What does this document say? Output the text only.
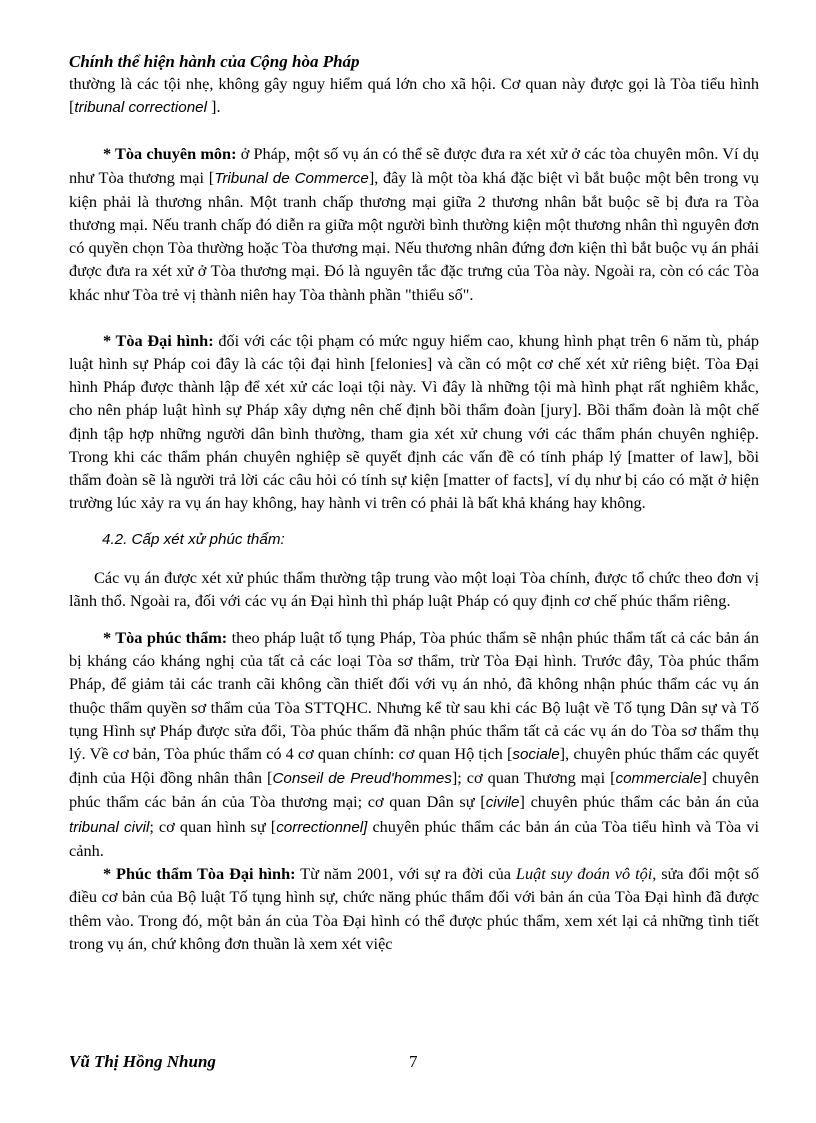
Chính thể hiện hành của Cộng hòa Pháp

thường là các tội nhẹ, không gây nguy hiểm quá lớn cho xã hội. Cơ quan này được gọi là Tòa tiểu hình [tribunal correctionel ].

* Tòa chuyên môn: ở Pháp, một số vụ án có thể sẽ được đưa ra xét xử ở các tòa chuyên môn. Ví dụ như Tòa thương mại [Tribunal de Commerce], đây là một tòa khá đặc biệt vì bắt buộc một bên trong vụ kiện phải là thương nhân. Một tranh chấp thương mại giữa 2 thương nhân bắt buộc sẽ bị đưa ra Tòa thương mại. Nếu tranh chấp đó diễn ra giữa một người bình thường kiện một thương nhân thì nguyên đơn có quyền chọn Tòa thường hoặc Tòa thương mại. Nếu thương nhân đứng đơn kiện thì bắt buộc vụ án phải được đưa ra xét xử ở Tòa thương mại. Đó là nguyên tắc đặc trưng của Tòa này. Ngoài ra, còn có các Tòa khác như Tòa trẻ vị thành niên hay Tòa thành phần "thiểu số".

* Tòa Đại hình: đối với các tội phạm có mức nguy hiểm cao, khung hình phạt trên 6 năm tù, pháp luật hình sự Pháp coi đây là các tội đại hình [felonies] và cần có một cơ chế xét xử riêng biệt. Tòa Đại hình Pháp được thành lập để xét xử các loại tội này. Vì đây là những tội mà hình phạt rất nghiêm khắc, cho nên pháp luật hình sự Pháp xây dựng nên chế định bồi thẩm đoàn [jury]. Bồi thẩm đoàn là một chế định tập hợp những người dân bình thường, tham gia xét xử chung với các thẩm phán chuyên nghiệp. Trong khi các thẩm phán chuyên nghiệp sẽ quyết định các vấn đề có tính pháp lý [matter of law], bồi thẩm đoàn sẽ là người trả lời các câu hỏi có tính sự kiện [matter of facts], ví dụ như bị cáo có mặt ở hiện trường lúc xảy ra vụ án hay không, hay hành vi trên có phải là bất khả kháng hay không.

4.2. Cấp xét xử phúc thẩm:

Các vụ án được xét xử phúc thẩm thường tập trung vào một loại Tòa chính, được tổ chức theo đơn vị lãnh thổ. Ngoài ra, đối với các vụ án Đại hình thì pháp luật Pháp có quy định cơ chế phúc thẩm riêng.

* Tòa phúc thẩm: theo pháp luật tố tụng Pháp, Tòa phúc thẩm sẽ nhận phúc thẩm tất cả các bản án bị kháng cáo kháng nghị của tất cả các loại Tòa sơ thẩm, trừ Tòa Đại hình. Trước đây, Tòa phúc thẩm Pháp, để giảm tải các tranh cãi không cần thiết đối với vụ án nhỏ, đã không nhận phúc thẩm các vụ án thuộc thẩm quyền sơ thẩm của Tòa STTQHC. Nhưng kể từ sau khi các Bộ luật về Tố tụng Dân sự và Tố tụng Hình sự Pháp được sửa đổi, Tòa phúc thẩm đã nhận phúc thẩm tất cả các vụ án do Tòa sơ thẩm thụ lý. Về cơ bản, Tòa phúc thẩm có 4 cơ quan chính: cơ quan Hộ tịch [sociale], chuyên phúc thẩm các quyết định của Hội đồng nhân thân [Conseil de Preud'hommes]; cơ quan Thương mại [commerciale] chuyên phúc thẩm các bản án của Tòa thương mại; cơ quan Dân sự [civile] chuyên phúc thẩm các bản án của tribunal civil; cơ quan hình sự [correctionnel] chuyên phúc thẩm các bản án của Tòa tiểu hình và Tòa vi cảnh.

* Phúc thẩm Tòa Đại hình: Từ năm 2001, với sự ra đời của Luật suy đoán vô tội, sửa đổi một số điều cơ bản của Bộ luật Tố tụng hình sự, chức năng phúc thẩm đối với bản án của Tòa Đại hình đã được thêm vào. Trong đó, một bản án của Tòa Đại hình có thể được phúc thẩm, xem xét lại cả những tình tiết trong vụ án, chứ không đơn thuần là xem xét việc

Vũ Thị Hồng Nhung	7
